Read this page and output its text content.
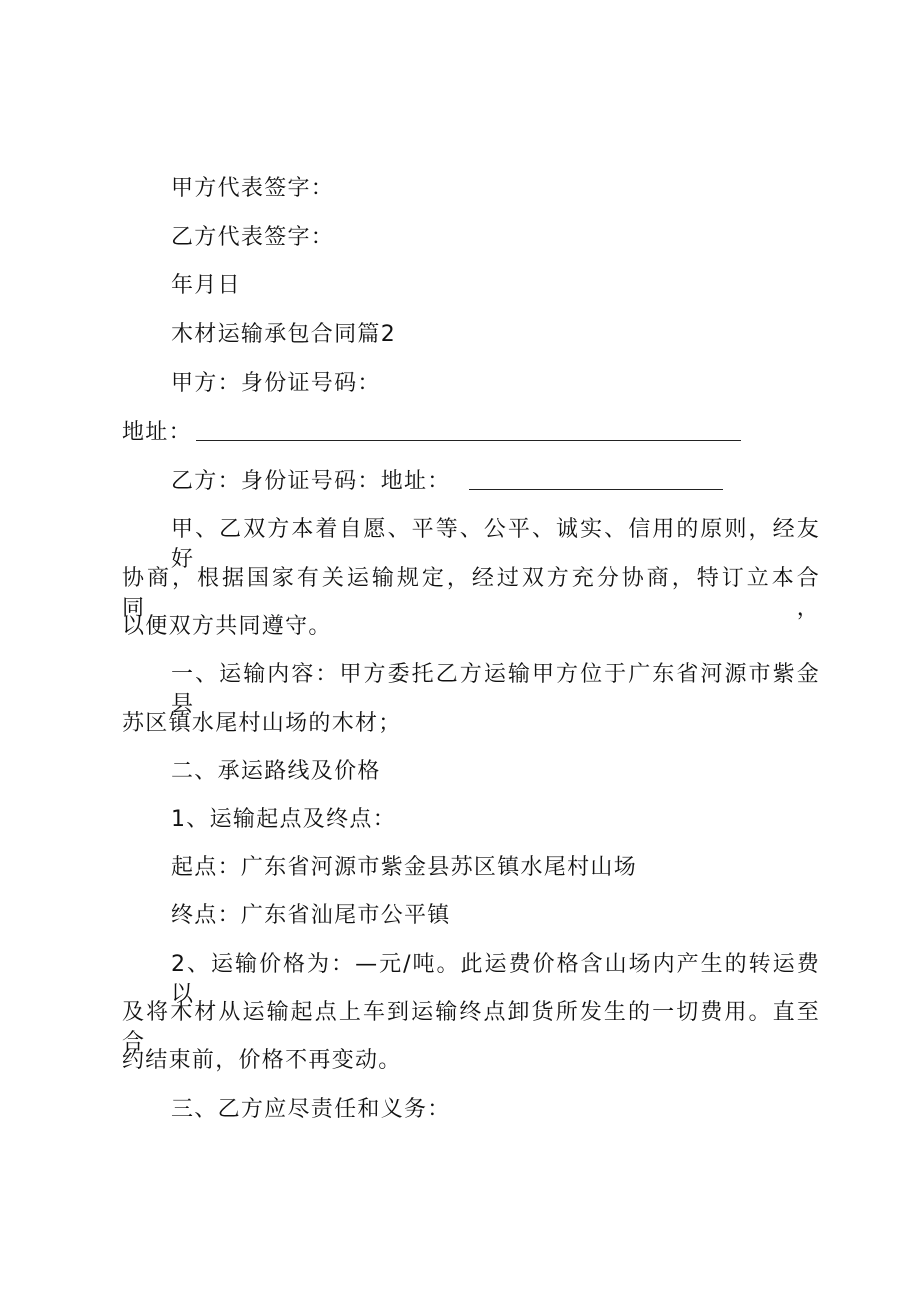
甲方代表签字：
乙方代表签字：
年月日
木材运输承包合同篇2
甲方：身份证号码：
地址：
乙方：身份证号码：地址：
甲、乙双方本着自愿、平等、公平、诚实、信用的原则，经友好
协商，根据国家有关运输规定，经过双方充分协商，特订立本合同，
以便双方共同遵守。
一、运输内容：甲方委托乙方运输甲方位于广东省河源市紫金县
苏区镇水尾村山场的木材；
二、承运路线及价格
1、运输起点及终点：
起点：广东省河源市紫金县苏区镇水尾村山场
终点：广东省汕尾市公平镇
2、运输价格为：—元/吨。此运费价格含山场内产生的转运费以
及将木材从运输起点上车到运输终点卸货所发生的一切费用。直至合
约结束前，价格不再变动。
三、乙方应尽责任和义务：
